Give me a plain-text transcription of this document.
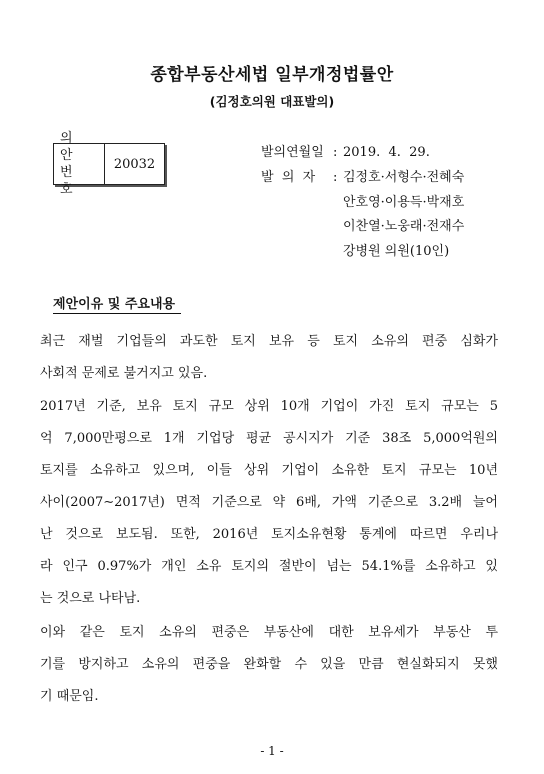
종합부동산세법 일부개정법률안
(김정호의원 대표발의)
의 안
번 호
20032
발의연월일 : 2019.  4.  29.
발  의  자 : 김정호·서형수·전혜숙
안호영·이용득·박재호
이찬열·노웅래·전재수
강병원 의원(10인)
제안이유 및 주요내용
최근 재벌 기업들의 과도한 토지 보유 등 토지 소유의 편중 심화가
사회적 문제로 불거지고 있음.
2017년 기준, 보유 토지 규모 상위 10개 기업이 가진 토지 규모는 5
억 7,000만평으로 1개 기업당 평균 공시지가 기준 38조 5,000억원의
토지를 소유하고 있으며, 이들 상위 기업이 소유한 토지 규모는 10년
사이(2007∼2017년) 면적 기준으로 약 6배, 가액 기준으로 3.2배 늘어
난 것으로 보도됨. 또한, 2016년 토지소유현황 통계에 따르면 우리나
라 인구 0.97%가 개인 소유 토지의 절반이 넘는 54.1%를 소유하고 있
는 것으로 나타남.
이와 같은 토지 소유의 편중은 부동산에 대한 보유세가 부동산 투
기를 방지하고 소유의 편중을 완화할 수 있을 만큼 현실화되지 못했
기 때문임.
- 1 -
